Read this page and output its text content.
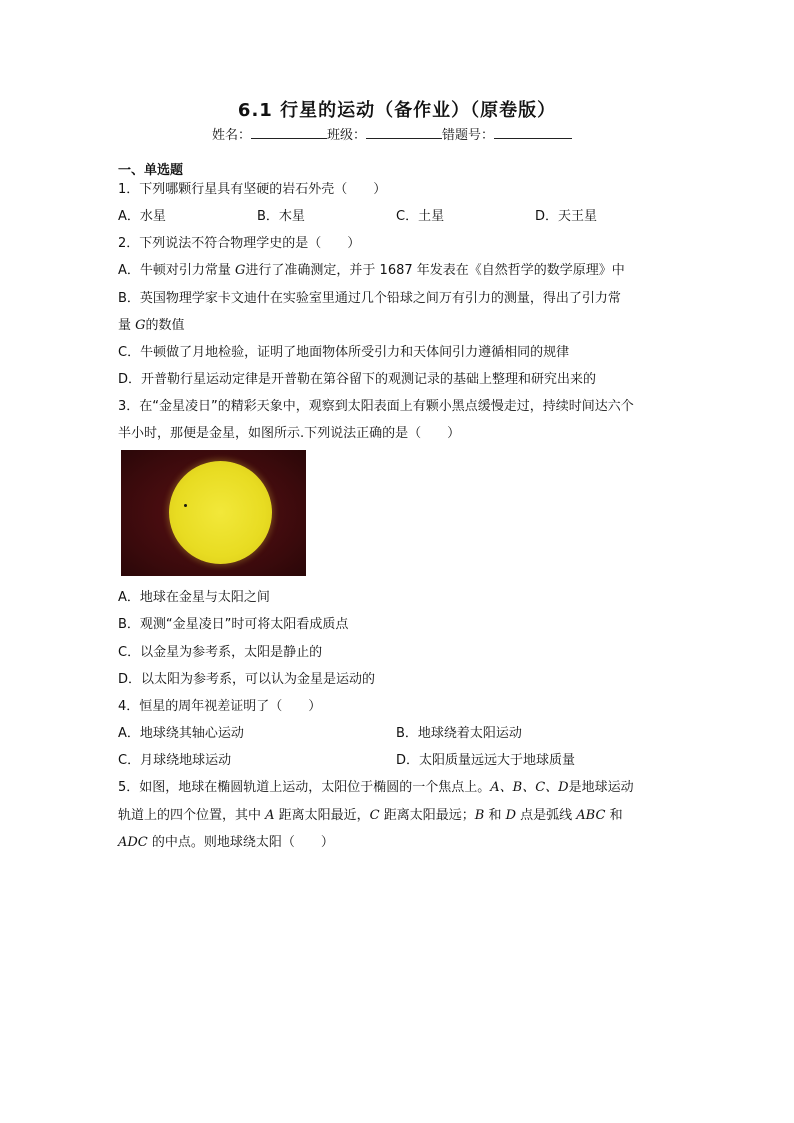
6.1 行星的运动（备作业）（原卷版）
姓名：	班级：	错题号：
一、单选题
1．下列哪颗行星具有坚硬的岩石外壳（　　）
A．水星	B．木星	C．土星	D．天王星
2．下列说法不符合物理学史的是（　　）
A．牛顿对引力常量 G进行了准确测定，并于 1687 年发表在《自然哲学的数学原理》中
B．英国物理学家卡文迪什在实验室里通过几个铅球之间万有引力的测量，得出了引力常
量 G的数值
C．牛顿做了月地检验，证明了地面物体所受引力和天体间引力遵循相同的规律
D．开普勒行星运动定律是开普勒在第谷留下的观测记录的基础上整理和研究出来的
3．在“金星凌日”的精彩天象中，观察到太阳表面上有颗小黑点缓慢走过，持续时间达六个
半小时，那便是金星，如图所示.下列说法正确的是（　　）
A．地球在金星与太阳之间
B．观测“金星凌日”时可将太阳看成质点
C．以金星为参考系，太阳是静止的
D．以太阳为参考系，可以认为金星是运动的
4．恒星的周年视差证明了（　　）
A．地球绕其轴心运动	B．地球绕着太阳运动
C．月球绕地球运动	D．太阳质量远远大于地球质量
5．如图，地球在椭圆轨道上运动，太阳位于椭圆的一个焦点上。A、B、C、D是地球运动
轨道上的四个位置，其中 A 距离太阳最近，C 距离太阳最远；B 和 D 点是弧线 ABC 和
ADC 的中点。则地球绕太阳（　　）
